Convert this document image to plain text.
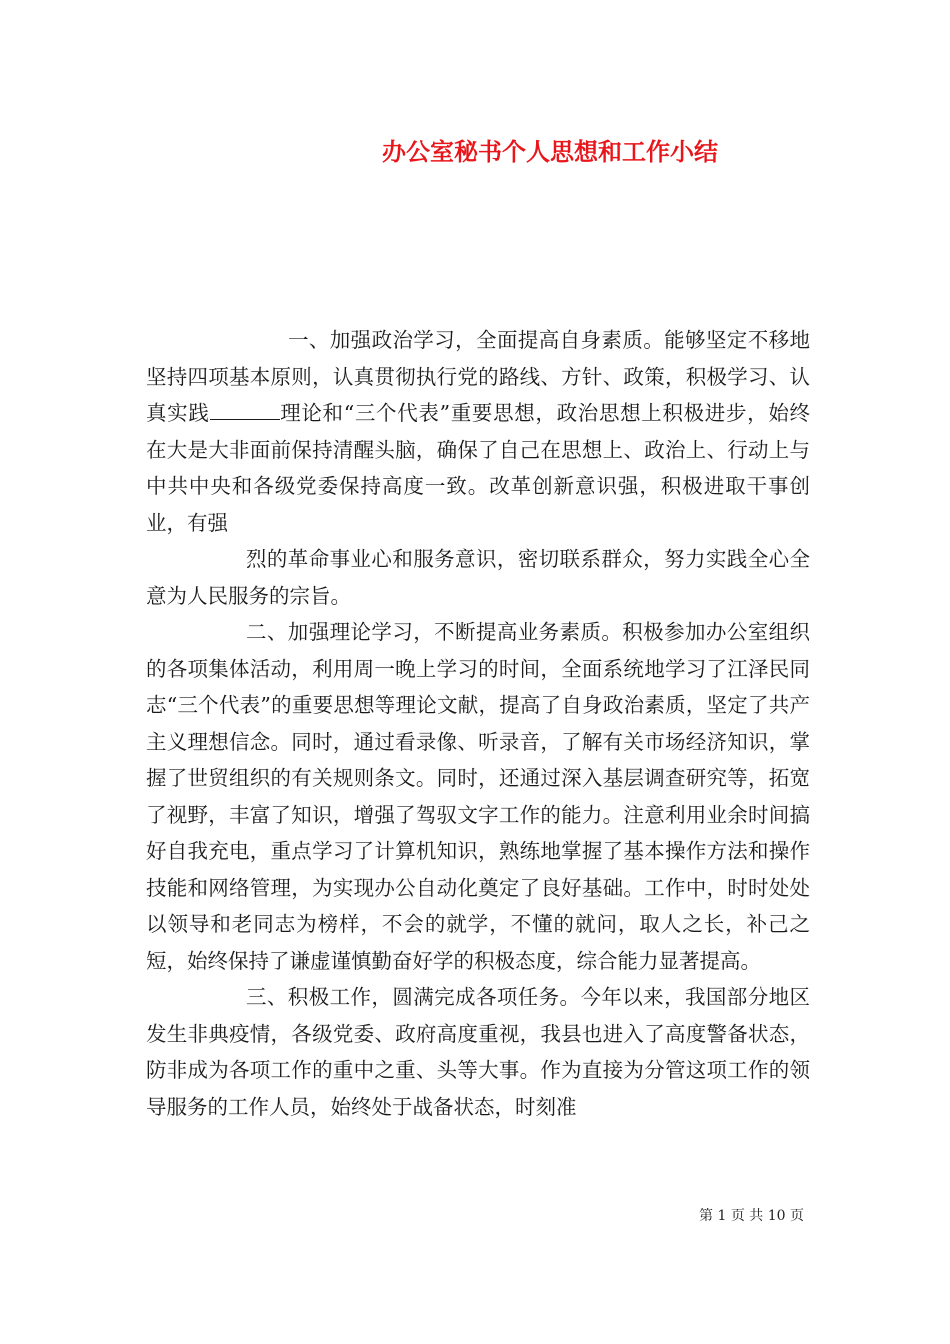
办公室秘书个人思想和工作小结

一、加强政治学习，全面提高自身素质。能够坚定不移地坚持四项基本原则，认真贯彻执行党的路线、方针、政策，积极学习、认真实践	理论和“三个代表”重要思想，政治思想上积极进步，始终在大是大非面前保持清醒头脑，确保了自己在思想上、政治上、行动上与中共中央和各级党委保持高度一致。改革创新意识强，积极进取干事创业，有强

烈的革命事业心和服务意识，密切联系群众，努力实践全心全意为人民服务的宗旨。

二、加强理论学习，不断提高业务素质。积极参加办公室组织的各项集体活动，利用周一晚上学习的时间，全面系统地学习了江泽民同志“三个代表”的重要思想等理论文献，提高了自身政治素质，坚定了共产主义理想信念。同时，通过看录像、听录音，了解有关市场经济知识，掌握了世贸组织的有关规则条文。同时，还通过深入基层调查研究等，拓宽了视野，丰富了知识，增强了驾驭文字工作的能力。注意利用业余时间搞好自我充电，重点学习了计算机知识，熟练地掌握了基本操作方法和操作技能和网络管理，为实现办公自动化奠定了良好基础。工作中，时时处处以领导和老同志为榜样，不会的就学，不懂的就问，取人之长，补己之短，始终保持了谦虚谨慎勤奋好学的积极态度，综合能力显著提高。

三、积极工作，圆满完成各项任务。今年以来，我国部分地区发生非典疫情，各级党委、政府高度重视，我县也进入了高度警备状态，防非成为各项工作的重中之重、头等大事。作为直接为分管这项工作的领导服务的工作人员，始终处于战备状态，时刻准

第 1 页 共 10 页
